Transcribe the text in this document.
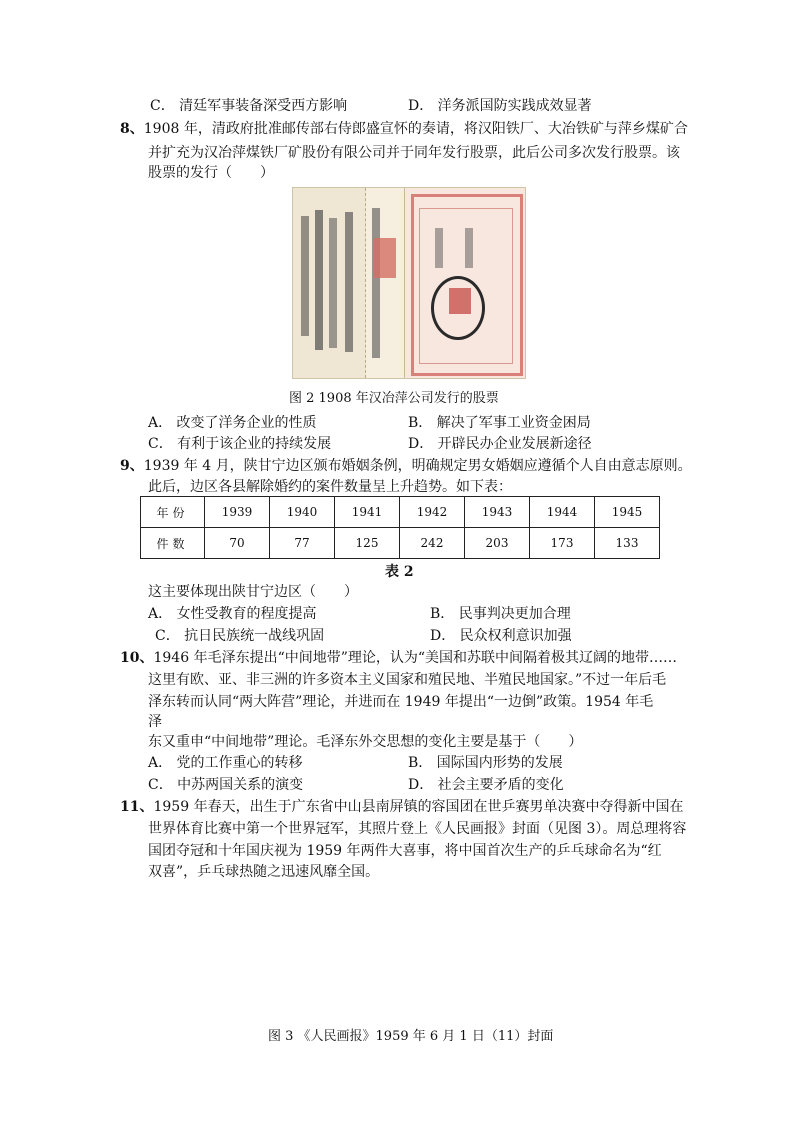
C． 清廷军事装备深受西方影响	D． 洋务派国防实践成效显著
8、1908 年，清政府批准邮传部右侍郎盛宣怀的奏请，将汉阳铁厂、大冶铁矿与萍乡煤矿合
并扩充为汉冶萍煤铁厂矿股份有限公司并于同年发行股票，此后公司多次发行股票。该
股票的发行（　　）
图 2 1908 年汉冶萍公司发行的股票
A． 改变了洋务企业的性质	B． 解决了军事工业资金困局
C． 有利于该企业的持续发展	D． 开辟民办企业发展新途径
9、1939 年 4 月，陕甘宁边区颁布婚姻条例，明确规定男女婚姻应遵循个人自由意志原则。
此后，边区各县解除婚约的案件数量呈上升趋势。如下表：
年份	1939	1940	1941	1942	1943	1944	1945
件数	70	77	125	242	203	173	133
表 2
这主要体现出陕甘宁边区（　　）
A． 女性受教育的程度提高	B． 民事判决更加合理
C． 抗日民族统一战线巩固	D． 民众权利意识加强
10、1946 年毛泽东提出“中间地带”理论，认为“美国和苏联中间隔着极其辽阔的地带……
这里有欧、亚、非三洲的许多资本主义国家和殖民地、半殖民地国家。”不过一年后毛
泽东转而认同“两大阵营”理论，并进而在 1949 年提出“一边倒”政策。1954 年毛
泽
东又重申“中间地带”理论。毛泽东外交思想的变化主要是基于（　　）
A． 党的工作重心的转移	B． 国际国内形势的发展
C． 中苏两国关系的演变	D． 社会主要矛盾的变化
11、1959 年春天，出生于广东省中山县南屏镇的容国团在世乒赛男单决赛中夺得新中国在
世界体育比赛中第一个世界冠军，其照片登上《人民画报》封面（见图 3）。周总理将容
国团夺冠和十年国庆视为 1959 年两件大喜事，将中国首次生产的乒乓球命名为“红
双喜”，乒乓球热随之迅速风靡全国。
图 3 《人民画报》1959 年 6 月 1 日（11）封面
